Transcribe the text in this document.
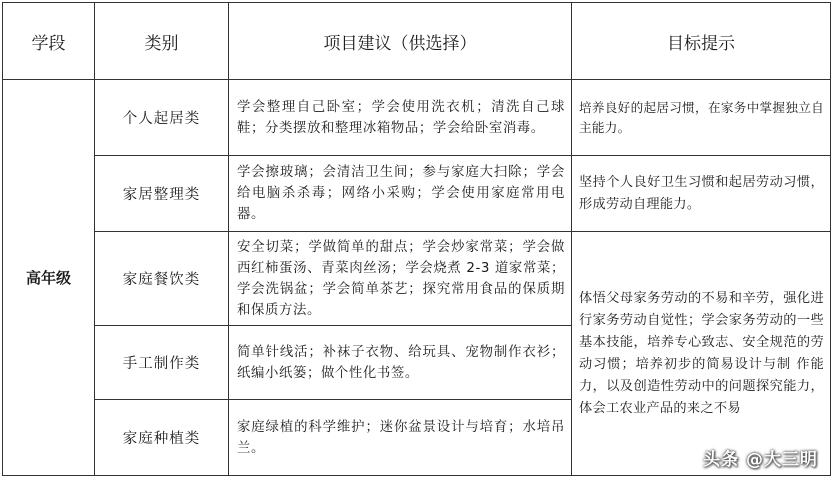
学段	类别	项目建议（供选择）	目标提示
高年级	个人起居类	学会整理自己卧室；学会使用洗衣机；清洗自己球鞋；分类摆放和整理冰箱物品；学会给卧室消毒。	培养良好的起居习惯，在家务中掌握独立自主能力。
	家居整理类	学会擦玻璃；会清洁卫生间；参与家庭大扫除；学会给电脑杀杀毒；网络小采购；学会使用家庭常用电器。	坚持个人良好卫生习惯和起居劳动习惯，形成劳动自理能力。
	家庭餐饮类	安全切菜；学做简单的甜点；学会炒家常菜；学会做西红柿蛋汤、青菜肉丝汤；学会烧煮 2-3 道家常菜；学会洗锅盆；学会简单茶艺；探究常用食品的保质期和保质方法。	体悟父母家务劳动的不易和辛劳，强化进行家务劳动自觉性；学会家务劳动的一些基本技能，培养专心致志、安全规范的劳动习惯；培养初步的简易设计与制 作能力，以及创造性劳动中的问题探究能力，体会工农业产品的来之不易
	手工制作类	简单针线活；补袜子衣物、给玩具、宠物制作衣衫；纸编小纸篓；做个性化书签。	
	家庭种植类	家庭绿植的科学维护；迷你盆景设计与培育；水培吊兰。	
头条 @大三明
